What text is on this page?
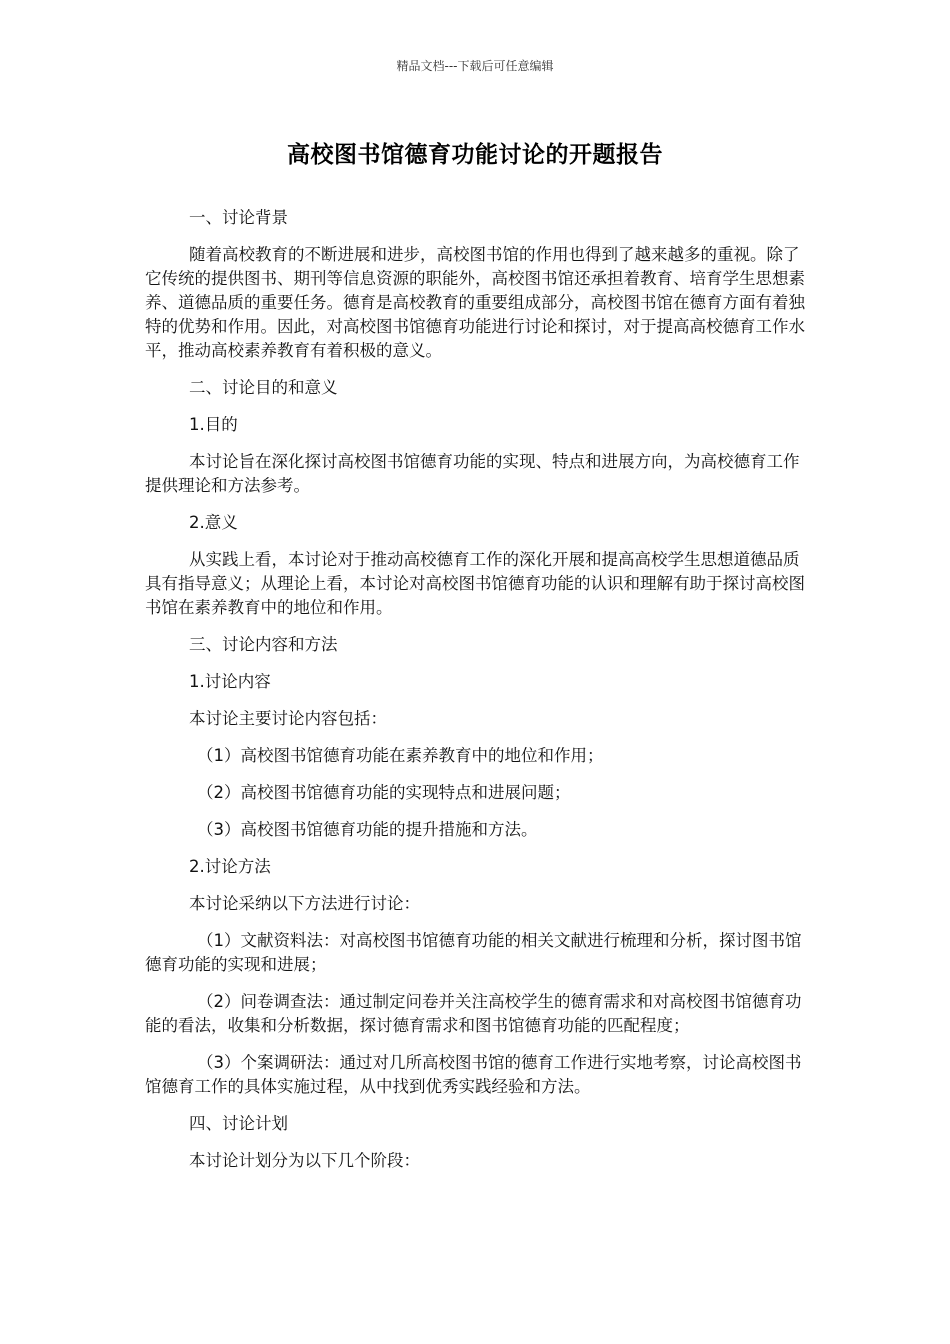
精品文档---下载后可任意编辑
高校图书馆德育功能讨论的开题报告

一、讨论背景

随着高校教育的不断进展和进步，高校图书馆的作用也得到了越来越多的重视。除了它传统的提供图书、期刊等信息资源的职能外，高校图书馆还承担着教育、培育学生思想素养、道德品质的重要任务。德育是高校教育的重要组成部分，高校图书馆在德育方面有着独特的优势和作用。因此，对高校图书馆德育功能进行讨论和探讨，对于提高高校德育工作水平，推动高校素养教育有着积极的意义。

二、讨论目的和意义

1.目的

本讨论旨在深化探讨高校图书馆德育功能的实现、特点和进展方向，为高校德育工作提供理论和方法参考。

2.意义

从实践上看，本讨论对于推动高校德育工作的深化开展和提高高校学生思想道德品质具有指导意义；从理论上看，本讨论对高校图书馆德育功能的认识和理解有助于探讨高校图书馆在素养教育中的地位和作用。

三、讨论内容和方法

1.讨论内容

本讨论主要讨论内容包括：

（1）高校图书馆德育功能在素养教育中的地位和作用；

（2）高校图书馆德育功能的实现特点和进展问题；

（3）高校图书馆德育功能的提升措施和方法。

2.讨论方法

本讨论采纳以下方法进行讨论：

（1）文献资料法：对高校图书馆德育功能的相关文献进行梳理和分析，探讨图书馆德育功能的实现和进展；

（2）问卷调查法：通过制定问卷并关注高校学生的德育需求和对高校图书馆德育功能的看法，收集和分析数据，探讨德育需求和图书馆德育功能的匹配程度；

（3）个案调研法：通过对几所高校图书馆的德育工作进行实地考察，讨论高校图书馆德育工作的具体实施过程，从中找到优秀实践经验和方法。

四、讨论计划

本讨论计划分为以下几个阶段：
